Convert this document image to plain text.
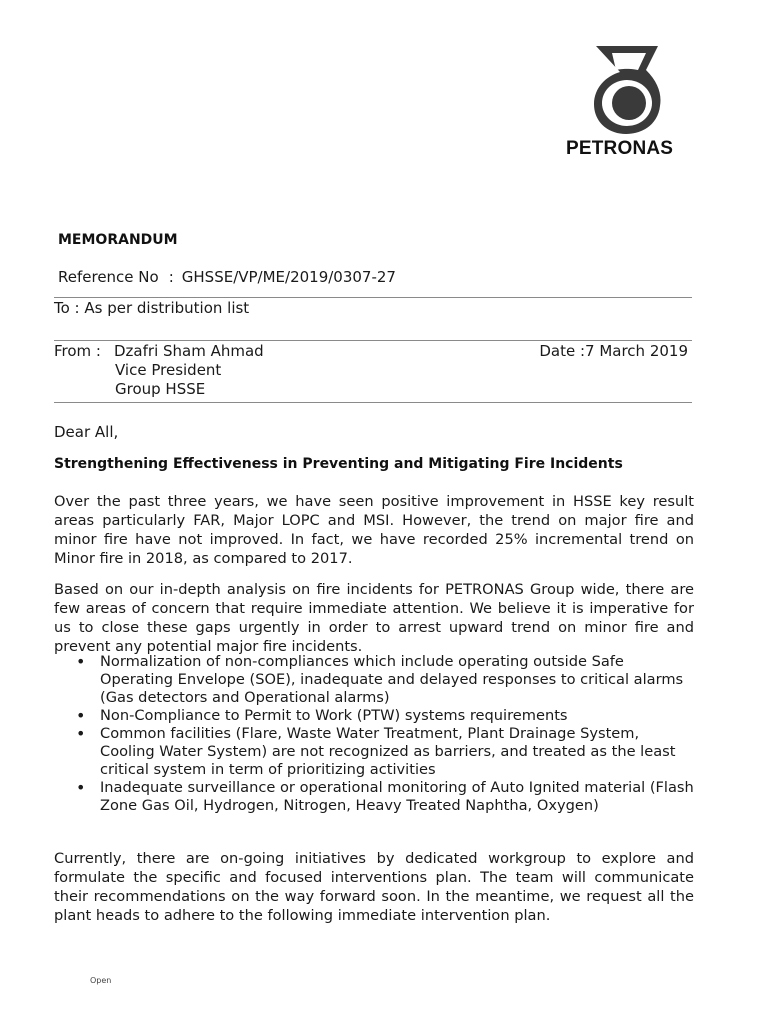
PETRONAS
MEMORANDUM
Reference No : GHSSE/VP/ME/2019/0307-27
To : As per distribution list
From : Dzafri Sham Ahmad
Vice President
Group HSSE
Date :7 March 2019
Dear All,
Strengthening Effectiveness in Preventing and Mitigating Fire Incidents

Over the past three years, we have seen positive improvement in HSSE key result areas particularly FAR, Major LOPC and MSI. However, the trend on major fire and minor fire have not improved. In fact, we have recorded 25% incremental trend on Minor fire in 2018, as compared to 2017.

Based on our in-depth analysis on fire incidents for PETRONAS Group wide, there are few areas of concern that require immediate attention. We believe it is imperative for us to close these gaps urgently in order to arrest upward trend on minor fire and prevent any potential major fire incidents.

• Normalization of non-compliances which include operating outside Safe Operating Envelope (SOE), inadequate and delayed responses to critical alarms (Gas detectors and Operational alarms)
• Non-Compliance to Permit to Work (PTW) systems requirements
• Common facilities (Flare, Waste Water Treatment, Plant Drainage System, Cooling Water System) are not recognized as barriers, and treated as the least critical system in term of prioritizing activities
• Inadequate surveillance or operational monitoring of Auto Ignited material (Flash Zone Gas Oil, Hydrogen, Nitrogen, Heavy Treated Naphtha, Oxygen)

Currently, there are on-going initiatives by dedicated workgroup to explore and formulate the specific and focused interventions plan. The team will communicate their recommendations on the way forward soon. In the meantime, we request all the plant heads to adhere to the following immediate intervention plan.

Open
